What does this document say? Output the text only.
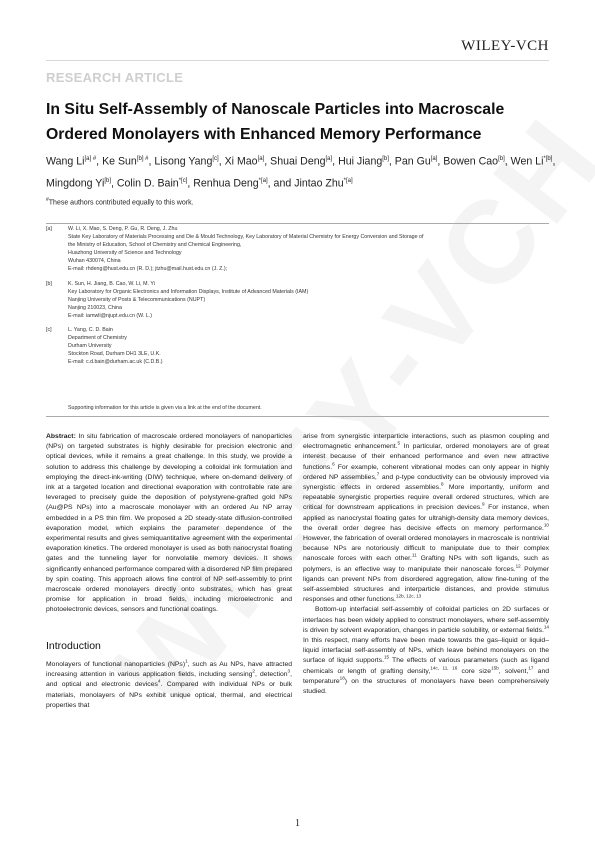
WILEY-VCH
RESEARCH ARTICLE
In Situ Self-Assembly of Nanoscale Particles into Macroscale Ordered Monolayers with Enhanced Memory Performance
Wang $Li^{[a] \#}$, Ke Sun$^{[b] \#}$, Lisong Yang[c], Xi Mao[a], Shuai Deng[a], Hui Jiang[b], Pan Gu[a], Bowen Cao[b], Wen $Li^{*[b]}$, Mingdong Yi[b], Colin D. Bain$^{*[c]}$, Renhua Deng$^{*[a]}$, and Jintao Zhu$^{*[a]}$
#These authors contributed equally to this work.
[a]	W. Li, X. Mao, S. Deng, P. Gu, R. Deng, J. Zhu
State Key Laboratory of Materials Processing and Die & Mould Technology, Key Laboratory of Material Chemistry for Energy Conversion and Storage of
the Ministry of Education, School of Chemistry and Chemical Engineering,
Huazhong University of Science and Technology
Wuhan 430074, China
E-mail: rhdeng@hust.edu.cn (R. D.); jtzhu@mail.hust.edu.cn (J. Z.);
[b]	K. Sun, H. Jiang, B. Cao, W. Li, M. Yi
Key Laboratory for Organic Electronics and Information Displays, Institute of Advanced Materials (IAM)
Nanjing University of Posts & Telecommunications (NUPT)
Nanjing 210023, China
E-mail: iamwli@njupt.edu.cn (W. L.)
[c]	L. Yang, C. D. Bain
Department of Chemistry
Durham University
Stockton Road, Durham DH1 3LE, U.K.
E-mail: c.d.bain@durham.ac.uk (C.D.B.)
Supporting information for this article is given via a link at the end of the document.
Abstract: In situ fabrication of macroscale ordered monolayers of nanoparticles (NPs) on targeted substrates is highly desirable for precision electronic and optical devices, while it remains a great challenge. In this study, we provide a solution to address this challenge by developing a colloidal ink formulation and employing the direct-ink-writing (DIW) technique, where on-demand delivery of ink at a targeted location and directional evaporation with controllable rate are leveraged to precisely guide the deposition of polystyrene-grafted gold NPs (Au@PS NPs) into a macroscale monolayer with an ordered Au NP array embedded in a PS thin film. We proposed a 2D steady-state diffusion-controlled evaporation model, which explains the parameter dependence of the experimental results and gives semiquantitative agreement with the experimental evaporation kinetics. The ordered monolayer is used as both nanocrystal floating gates and the tunneling layer for nonvolatile memory devices. It shows significantly enhanced performance compared with a disordered NP film prepared by spin coating. This approach allows fine control of NP self-assembly to print macroscale ordered monolayers directly onto substrates, which has great promise for application in broad fields, including microelectronic and photoelectronic devices, sensors and functional coatings.
Introduction
Monolayers of functional nanoparticles (NPs)$^1$, such as Au NPs, have attracted increasing attention in various application fields, including sensing$^2$, detection$^3$, and optical and electronic devices$^4$. Compared with individual NPs or bulk materials, monolayers of NPs exhibit unique optical, thermal, and electrical properties that

arise from synergistic interparticle interactions, such as plasmon coupling and electromagnetic enhancement.$^5$ In particular, ordered monolayers are of great interest because of their enhanced performance and even new attractive functions.$^6$ For example, coherent vibrational modes can only appear in highly ordered NP assemblies,$^7$ and p-type conductivity can be obviously improved via synergistic effects in ordered assemblies.$^8$ More importantly, uniform and repeatable synergistic properties require overall ordered structures, which are critical for downstream applications in precision devices.$^9$ For instance, when applied as nanocrystal floating gates for ultrahigh-density data memory devices, the overall order degree has decisive effects on memory performance.$^{10}$ However, the fabrication of overall ordered monolayers in macroscale is nontrivial because NPs are notoriously difficult to manipulate due to their complex nanoscale forces with each other.$^{11}$ Grafting NPs with soft ligands, such as polymers, is an effective way to manipulate their nanoscale forces.$^{12}$ Polymer ligands can prevent NPs from disordered aggregation, allow fine-tuning of the self-assembled structures and interparticle distances, and provide stimulus responses and other functions.$^{12b, 12c, 13}$

Bottom-up interfacial self-assembly of colloidal particles on 2D surfaces or interfaces has been widely applied to construct monolayers, where self-assembly is driven by solvent evaporation, changes in particle solubility, or external fields.$^{14}$ In this respect, many efforts have been made towards the gas–liquid or liquid–liquid interfacial self-assembly of NPs, which leave behind monolayers on the surface of liquid supports.$^{15}$ The effects of various parameters (such as ligand chemicals or length of grafting density,$^{14c, 11, 16}$ core size$^{15b}$, solvent,$^{17}$ and temperature$^{18}$) on the structures of monolayers have been comprehensively studied.

1
